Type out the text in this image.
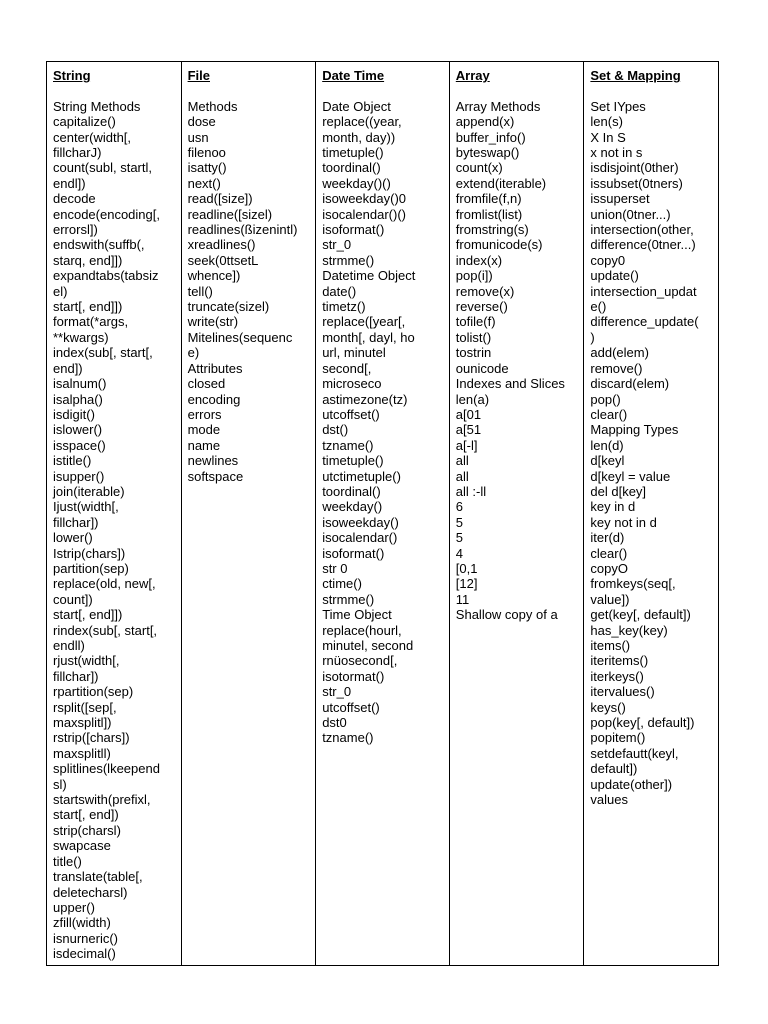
String
String Methods
capitalize()
center(width[,
fillcharJ)
count(subl, startl,
endl])
decode
encode(encoding[,
errorsl])
endswith(suffb(,
starq, end]])
expandtabs(tabsiz
el)
start[, end]])
format(*args,
**kwargs)
index(sub[, start[,
end])
isalnum()
isalpha()
isdigit()
islower()
isspace()
istitle()
isupper()
join(iterable)
Ijust(width[,
fillchar])
lower()
Istrip(chars])
partition(sep)
replace(old, new[,
count])
start[, end]])
rindex(sub[, start[,
endll)
rjust(width[,
fillchar])
rpartition(sep)
rsplit([sep[,
maxsplitl])
rstrip([chars])
maxsplitll)
splitlines(lkeepend
sl)
startswith(prefixl,
start[, end])
strip(charsl)
swapcase
title()
translate(table[,
deletecharsl)
upper()
zfill(width)
isnurneric()
isdecimal()
File
Methods
dose
usn
filenoo
isatty()
next()
read([size])
readline([sizel)
readlines(ßizenintl)
xreadlines()
seek(0ttsetL
whence])
tell()
truncate(sizel)
write(str)
Mitelines(sequenc
e)
Attributes
closed
encoding
errors
mode
name
newlines
softspace
Date Time
Date Object
replace((year,
month, day))
timetuple()
toordinal()
weekday()()
isoweekday()0
isocalendar()()
isoformat()
str_0
strmme()
Datetime Object
date()
timetz()
replace([year[,
month[, dayl, ho
url, minutel
second[,
microseco
astimezone(tz)
utcoffset()
dst()
tzname()
timetuple()
utctimetuple()
toordinal()
weekday()
isoweekday()
isocalendar()
isoformat()
str 0
ctime()
strmme()
Time Object
replace(hourl,
minutel, second
rnüosecond[,
isotormat()
str_0
utcoffset()
dst0
tzname()
Array
Array Methods
append(x)
buffer_info()
byteswap()
count(x)
extend(iterable)
fromfile(f,n)
fromlist(list)
fromstring(s)
fromunicode(s)
index(x)
pop(i])
remove(x)
reverse()
tofile(f)
tolist()
tostrin
ounicode
Indexes and Slices
len(a)
a[01
a[51
a[-l]
all
all
all :-ll
6
5
5
4
[0,1
[12]
11
Shallow copy of a
Set & Mapping
Set IYpes
len(s)
X In S
x not in s
isdisjoint(0ther)
issubset(0tners)
issuperset
union(0tner...)
intersection(other,
difference(0tner...)
copy0
update()
intersection_updat
e()
difference_update(
)
add(elem)
remove()
discard(elem)
pop()
clear()
Mapping Types
len(d)
d[keyl
d[keyl = value
del d[key]
key in d
key not in d
iter(d)
clear()
copyO
fromkeys(seq[,
value])
get(key[, default])
has_key(key)
items()
iteritems()
iterkeys()
itervalues()
keys()
pop(key[, default])
popitem()
setdefautt(keyl,
default])
update(other])
values
